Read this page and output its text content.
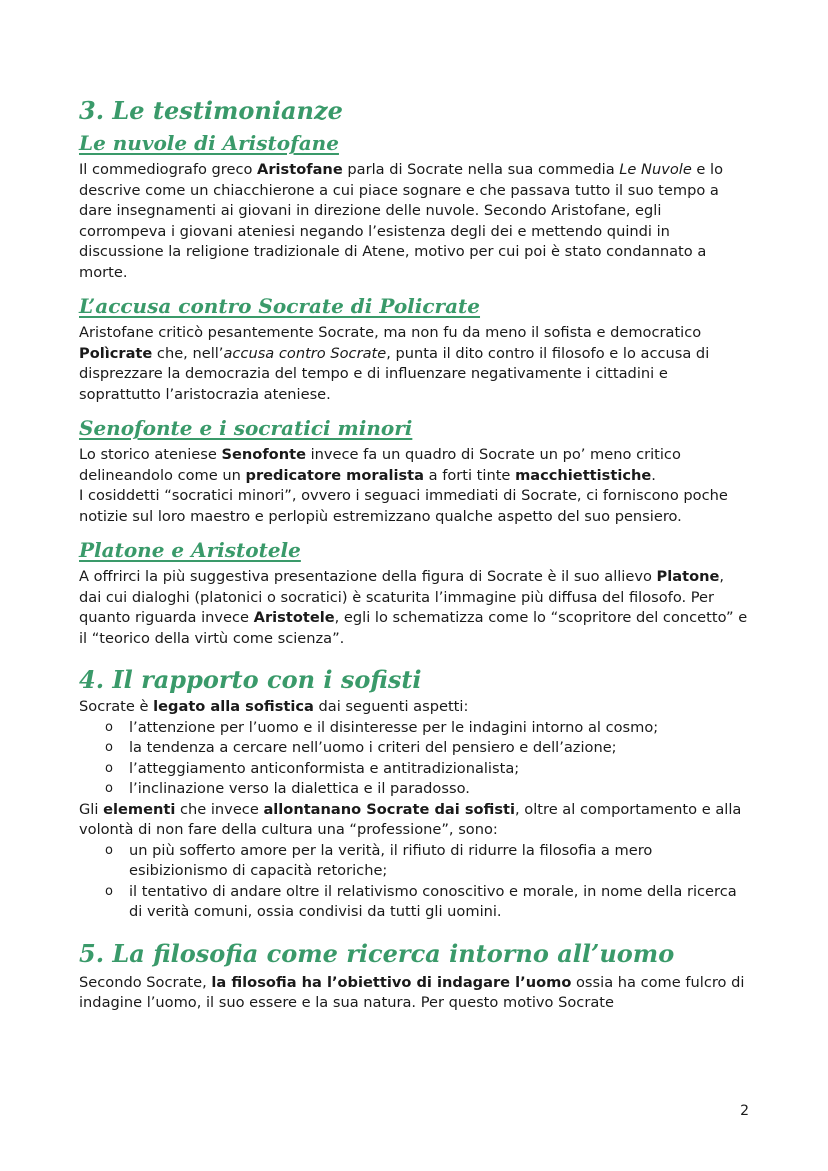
3. Le testimonianze
Le nuvole di Aristofane

Il commediografo greco Aristofane parla di Socrate nella sua commedia Le Nuvole e lo descrive come un chiacchierone a cui piace sognare e che passava tutto il suo tempo a dare insegnamenti ai giovani in direzione delle nuvole. Secondo Aristofane, egli corrompeva i giovani ateniesi negando l’esistenza degli dei e mettendo quindi in discussione la religione tradizionale di Atene, motivo per cui poi è stato condannato a morte.

L’accusa contro Socrate di Policrate

Aristofane criticò pesantemente Socrate, ma non fu da meno il sofista e democratico Polìcrate che, nell’accusa contro Socrate, punta il dito contro il filosofo e lo accusa di disprezzare la democrazia del tempo e di influenzare negativamente i cittadini e soprattutto l’aristocrazia ateniese.

Senofonte e i socratici minori

Lo storico ateniese Senofonte invece fa un quadro di Socrate un po’ meno critico delineandolo come un predicatore moralista a forti tinte macchiettistiche.

I cosiddetti “socratici minori”, ovvero i seguaci immediati di Socrate, ci forniscono poche notizie sul loro maestro e perlopiù estremizzano qualche aspetto del suo pensiero.

Platone e Aristotele

A offrirci la più suggestiva presentazione della figura di Socrate è il suo allievo Platone, dai cui dialoghi (platonici o socratici) è scaturita l’immagine più diffusa del filosofo. Per quanto riguarda invece Aristotele, egli lo schematizza come lo “scopritore del concetto” e il “teorico della virtù come scienza”.

4. Il rapporto con i sofisti

Socrate è legato alla sofistica dai seguenti aspetti:

o	l’attenzione per l’uomo e il disinteresse per le indagini intorno al cosmo;
o	la tendenza a cercare nell’uomo i criteri del pensiero e dell’azione;
o	l’atteggiamento anticonformista e antitradizionalista;
o	l’inclinazione verso la dialettica e il paradosso.

Gli elementi che invece allontanano Socrate dai sofisti, oltre al comportamento e alla volontà di non fare della cultura una “professione”, sono:

o	un più sofferto amore per la verità, il rifiuto di ridurre la filosofia a mero esibizionismo di capacità retoriche;
o	il tentativo di andare oltre il relativismo conoscitivo e morale, in nome della ricerca di verità comuni, ossia condivisi da tutti gli uomini.
5. La filosofia come ricerca intorno all’uomo

Secondo Socrate, la filosofia ha l’obiettivo di indagare l’uomo ossia ha come fulcro di indagine l’uomo, il suo essere e la sua natura. Per questo motivo Socrate

2
